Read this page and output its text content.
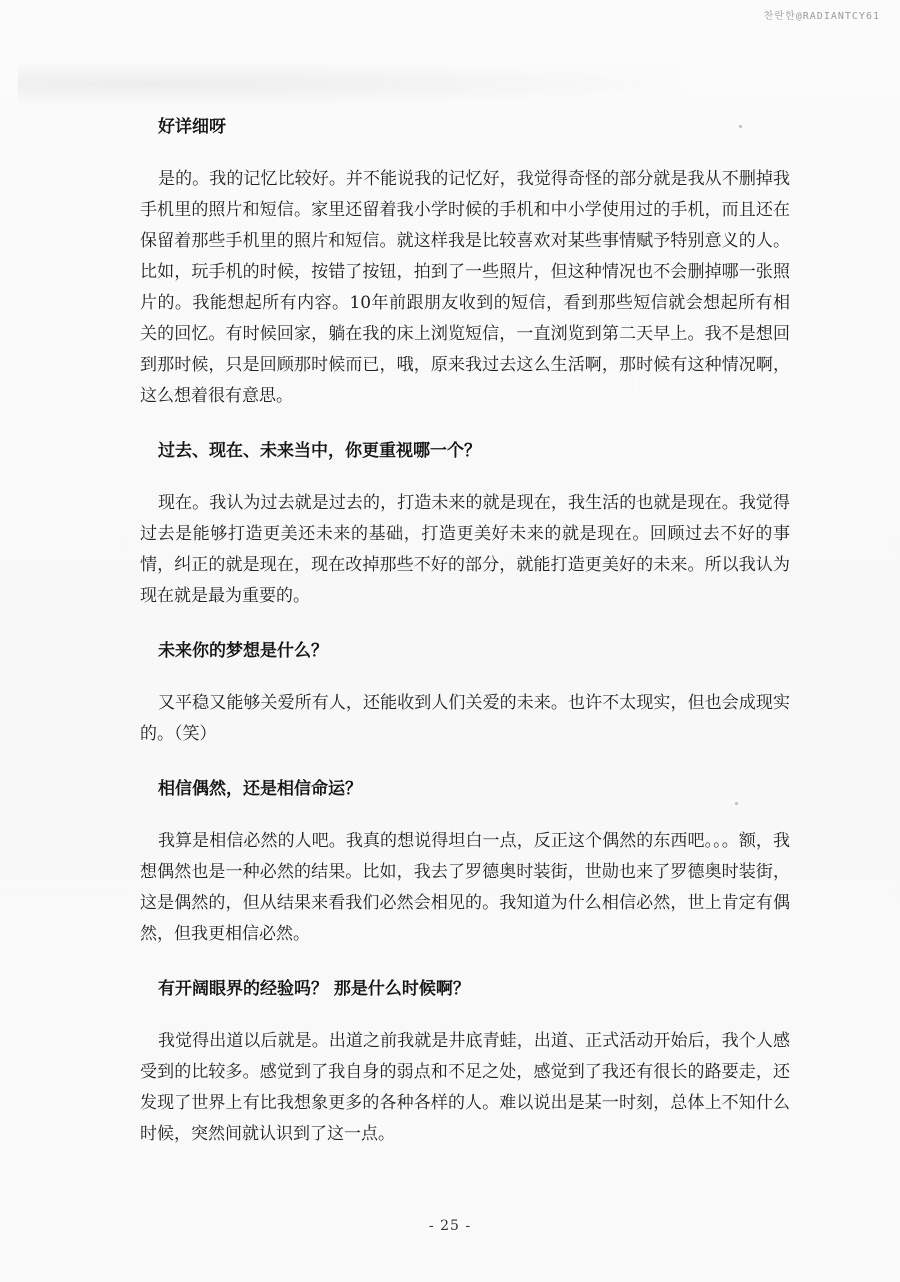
찬란한@RADIANTCY61

好详细呀

是的。我的记忆比较好。并不能说我的记忆好，我觉得奇怪的部分就是我从不删掉我手机里的照片和短信。家里还留着我小学时候的手机和中小学使用过的手机，而且还在保留着那些手机里的照片和短信。就这样我是比较喜欢对某些事情赋予特别意义的人。比如，玩手机的时候，按错了按钮，拍到了一些照片，但这种情况也不会删掉哪一张照片的。我能想起所有内容。10年前跟朋友收到的短信，看到那些短信就会想起所有相关的回忆。有时候回家，躺在我的床上浏览短信，一直浏览到第二天早上。我不是想回到那时候，只是回顾那时候而已，哦，原来我过去这么生活啊，那时候有这种情况啊，这么想着很有意思。

过去、现在、未来当中，你更重视哪一个？

现在。我认为过去就是过去的，打造未来的就是现在，我生活的也就是现在。我觉得过去是能够打造更美还未来的基础，打造更美好未来的就是现在。回顾过去不好的事情，纠正的就是现在，现在改掉那些不好的部分，就能打造更美好的未来。所以我认为现在就是最为重要的。

未来你的梦想是什么？

又平稳又能够关爱所有人，还能收到人们关爱的未来。也许不太现实，但也会成现实的。（笑）

相信偶然，还是相信命运？

我算是相信必然的人吧。我真的想说得坦白一点，反正这个偶然的东西吧。。。额，我想偶然也是一种必然的结果。比如，我去了罗德奥时装街，世勋也来了罗德奥时装街，这是偶然的，但从结果来看我们必然会相见的。我知道为什么相信必然，世上肯定有偶然，但我更相信必然。

有开阔眼界的经验吗？ 那是什么时候啊？

我觉得出道以后就是。出道之前我就是井底青蛙，出道、正式活动开始后，我个人感受到的比较多。感觉到了我自身的弱点和不足之处，感觉到了我还有很长的路要走，还发现了世界上有比我想象更多的各种各样的人。难以说出是某一时刻，总体上不知什么时候，突然间就认识到了这一点。

- 25 -
